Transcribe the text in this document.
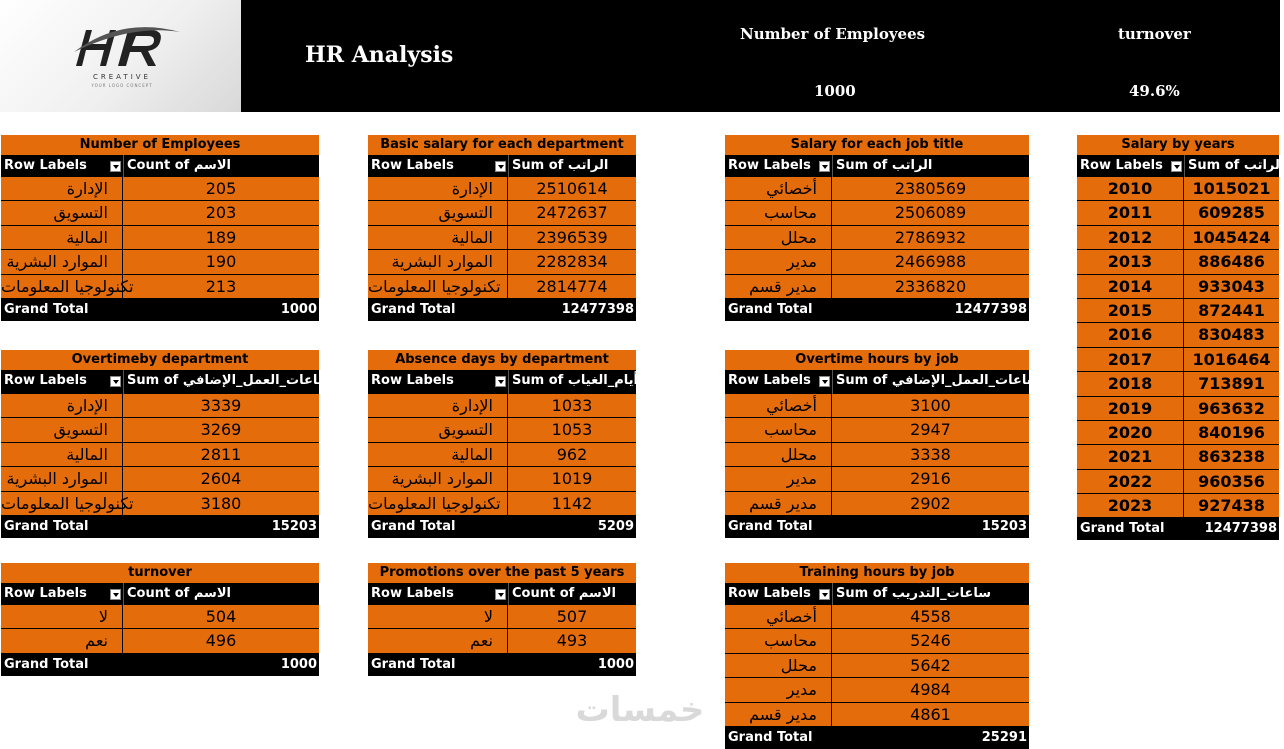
CREATIVE
YOUR LOGO CONCEPT
HR Analysis
Number of Employees
1000
turnover
49.6%
Number of Employees
Row Labels	Count of الاسم
الإدارة	205
التسويق	203
المالية	189
الموارد البشرية	190
تكنولوجيا المعلومات	213
Grand Total	1000
Basic salary for each department
Row Labels	Sum of الراتب
الإدارة	2510614
التسويق	2472637
المالية	2396539
الموارد البشرية	2282834
تكنولوجيا المعلومات	2814774
Grand Total	12477398
Salary for each job title
Row Labels	Sum of الراتب
أخصائي	2380569
محاسب	2506089
محلل	2786932
مدير	2466988
مدير قسم	2336820
Grand Total	12477398
Salary by years
Row Labels	Sum of الراتب
2010	1015021
2011	609285
2012	1045424
2013	886486
2014	933043
2015	872441
2016	830483
2017	1016464
2018	713891
2019	963632
2020	840196
2021	863238
2022	960356
2023	927438
Grand Total	12477398
Overtimeby department
Row Labels	Sum of ساعات_العمل_الإضافي
الإدارة	3339
التسويق	3269
المالية	2811
الموارد البشرية	2604
تكنولوجيا المعلومات	3180
Grand Total	15203
Absence days by department
Row Labels	Sum of أيام_الغياب
الإدارة	1033
التسويق	1053
المالية	962
الموارد البشرية	1019
تكنولوجيا المعلومات	1142
Grand Total	5209
Overtime hours by job
Row Labels	Sum of ساعات_العمل_الإضافي
أخصائي	3100
محاسب	2947
محلل	3338
مدير	2916
مدير قسم	2902
Grand Total	15203
turnover
Row Labels	Count of الاسم
لا	504
نعم	496
Grand Total	1000
Promotions over the past 5 years
Row Labels	Count of الاسم
لا	507
نعم	493
Grand Total	1000
Training hours by job
Row Labels	Sum of ساعات_التدريب
أخصائي	4558
محاسب	5246
محلل	5642
مدير	4984
مدير قسم	4861
Grand Total	25291
خمسات
